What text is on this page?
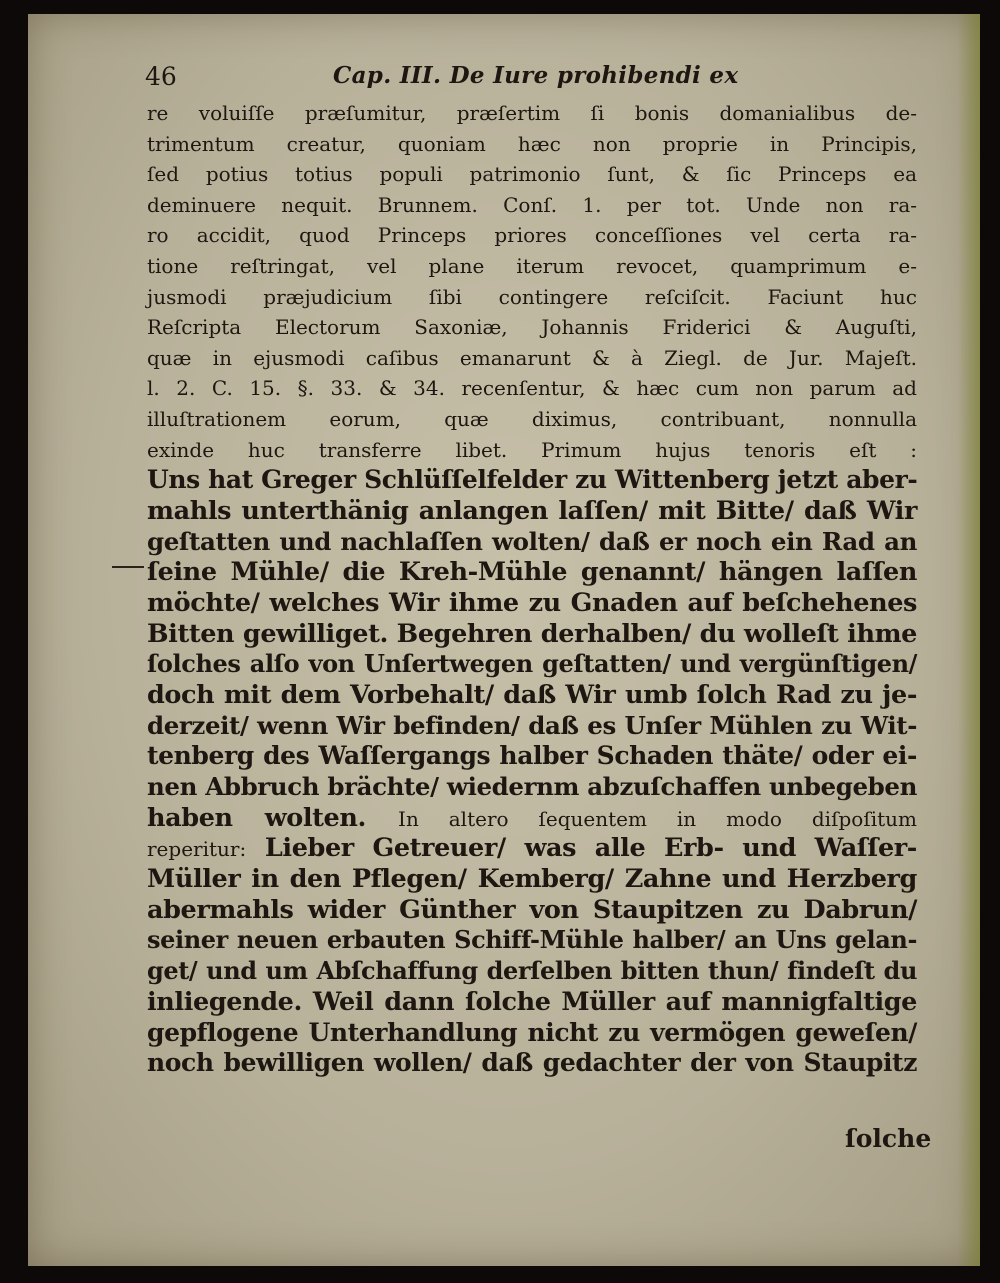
46	Cap. III. De Iure prohibendi ex
re voluiſſe præſumitur, præſertim ſi bonis domanialibus de-
trimentum creatur, quoniam hæc non proprie in Principis,
ſed potius totius populi patrimonio ſunt, & ſic Princeps ea
deminuere nequit. Brunnem. Conſ. 1. per tot. Unde non ra-
ro accidit, quod Princeps priores conceſſiones vel certa ra-
tione reſtringat, vel plane iterum revocet, quamprimum e-
jusmodi præjudicium ſibi contingere reſciſcit. Faciunt huc
Reſcripta Electorum Saxoniæ, Johannis Friderici & Auguſti,
quæ in ejusmodi caſibus emanarunt & à Ziegl. de Jur. Majeſt.
l. 2. C. 15. §. 33. & 34. recenſentur, & hæc cum non parum ad
illuſtrationem eorum, quæ diximus, contribuant, nonnulla
exinde huc transferre libet. Primum hujus tenoris eſt :
Uns hat Greger Schlüſſelfelder zu Wittenberg jetzt aber-
mahls unterthänig anlangen laſſen/ mit Bitte/ daß Wir
geſtatten und nachlaſſen wolten/ daß er noch ein Rad an
ſeine Mühle/ die Kreh-Mühle genannt/ hängen laſſen
möchte/ welches Wir ihme zu Gnaden auf beſchehenes
Bitten gewilliget. Begehren derhalben/ du wolleſt ihme
ſolches alſo von Unſertwegen geſtatten/ und vergünſtigen/
doch mit dem Vorbehalt/ daß Wir umb ſolch Rad zu je-
derzeit/ wenn Wir befinden/ daß es Unſer Mühlen zu Wit-
tenberg des Waſſergangs halber Schaden thäte/ oder ei-
nen Abbruch brächte/ wiedernm abzuſchaffen unbegeben
haben wolten. In altero ſequentem in modo diſpoſitum
reperitur: Lieber Getreuer/ was alle Erb- und Waſſer-
Müller in den Pflegen/ Kemberg/ Zahne und Herzberg
abermahls wider Günther von Staupitzen zu Dabrun/
seiner neuen erbauten Schiff-Mühle halber/ an Uns gelan-
get/ und um Abſchaffung derſelben bitten thun/ findeſt du
inliegende. Weil dann ſolche Müller auf mannigfaltige
gepflogene Unterhandlung nicht zu vermögen geweſen/
noch bewilligen wollen/ daß gedachter der von Staupitz
ſolche
